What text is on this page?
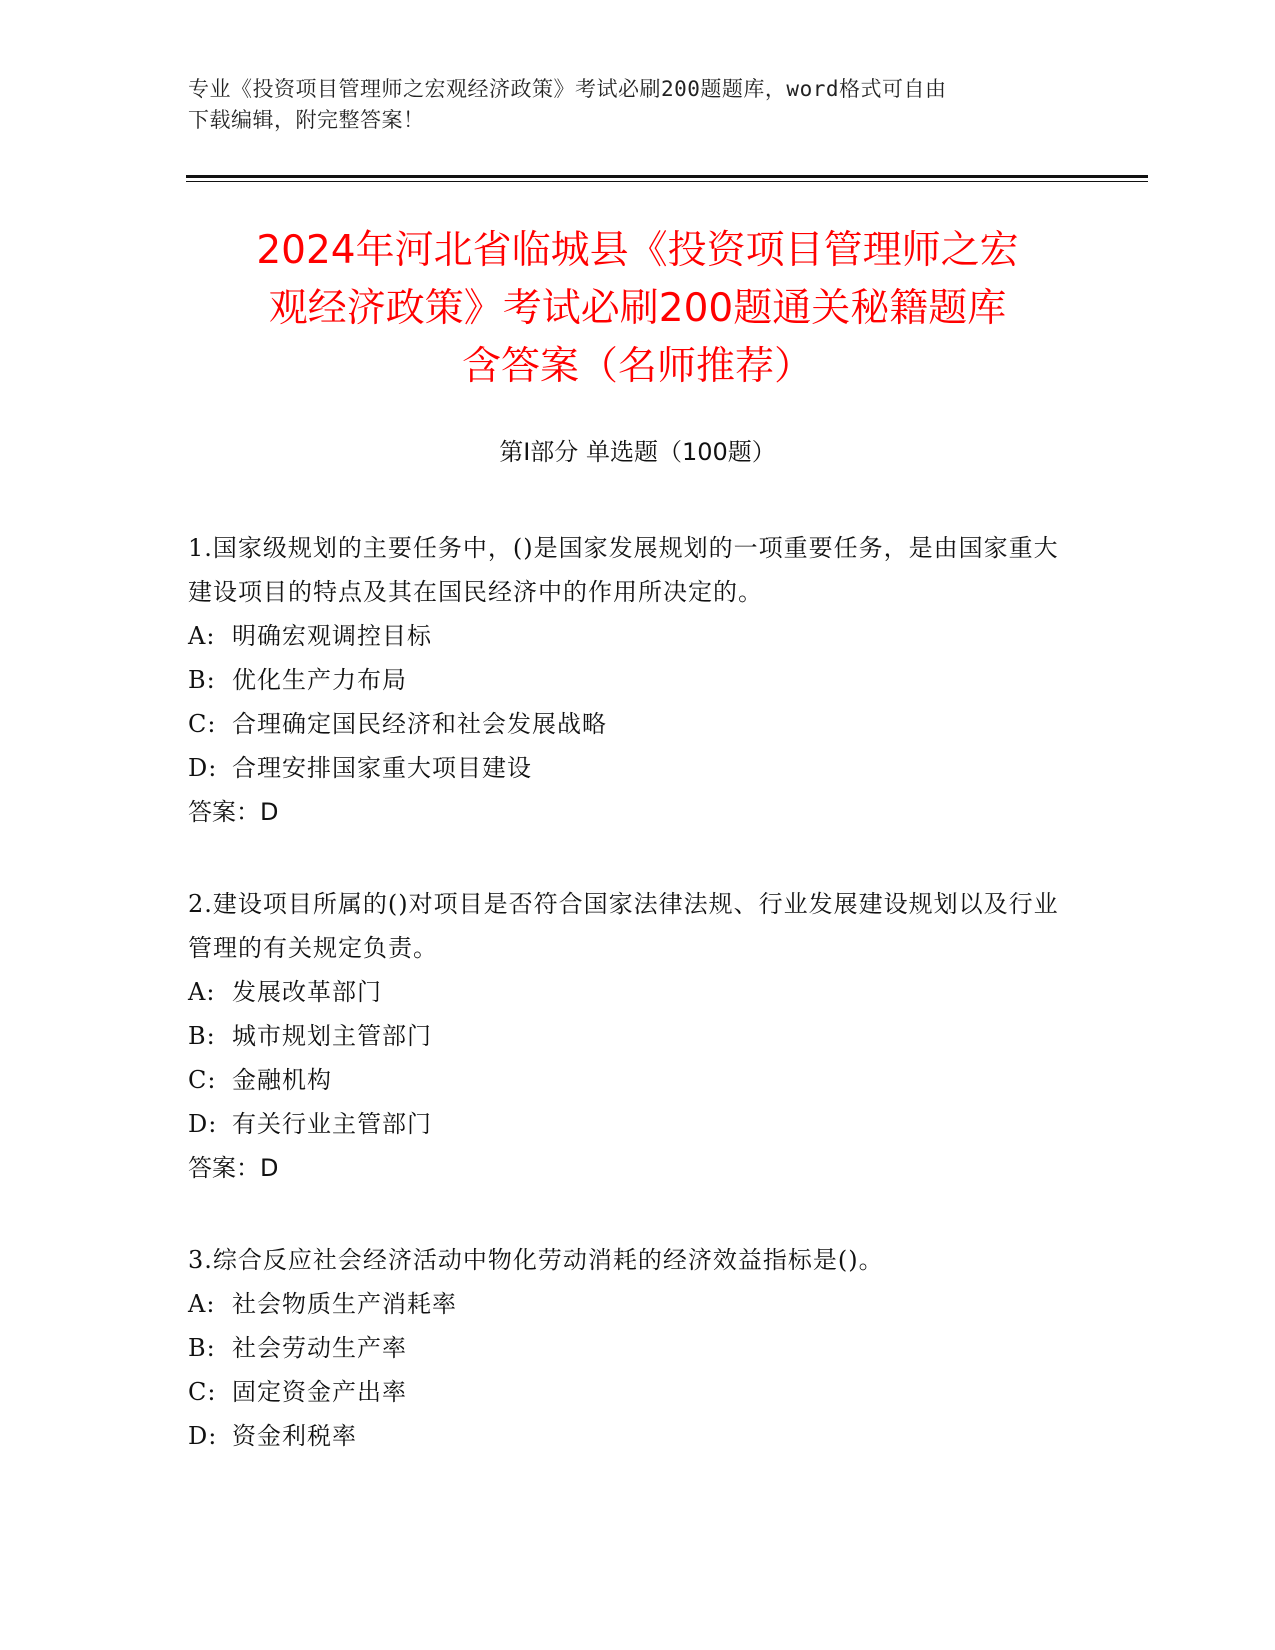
专业《投资项目管理师之宏观经济政策》考试必刷200题题库，word格式可自由
下载编辑，附完整答案！
2024年河北省临城县《投资项目管理师之宏
观经济政策》考试必刷200题通关秘籍题库
含答案（名师推荐）
第Ⅰ部分 单选题（100题）

1.国家级规划的主要任务中，()是国家发展规划的一项重要任务，是由国家重大建设项目的特点及其在国民经济中的作用所决定的。

A: 明确宏观调控目标

B: 优化生产力布局

C: 合理确定国民经济和社会发展战略

D: 合理安排国家重大项目建设

答案：D

2.建设项目所属的()对项目是否符合国家法律法规、行业发展建设规划以及行业管理的有关规定负责。

A: 发展改革部门

B: 城市规划主管部门

C: 金融机构

D: 有关行业主管部门

答案：D

3.综合反应社会经济活动中物化劳动消耗的经济效益指标是()。

A: 社会物质生产消耗率

B: 社会劳动生产率

C: 固定资金产出率

D: 资金利税率
